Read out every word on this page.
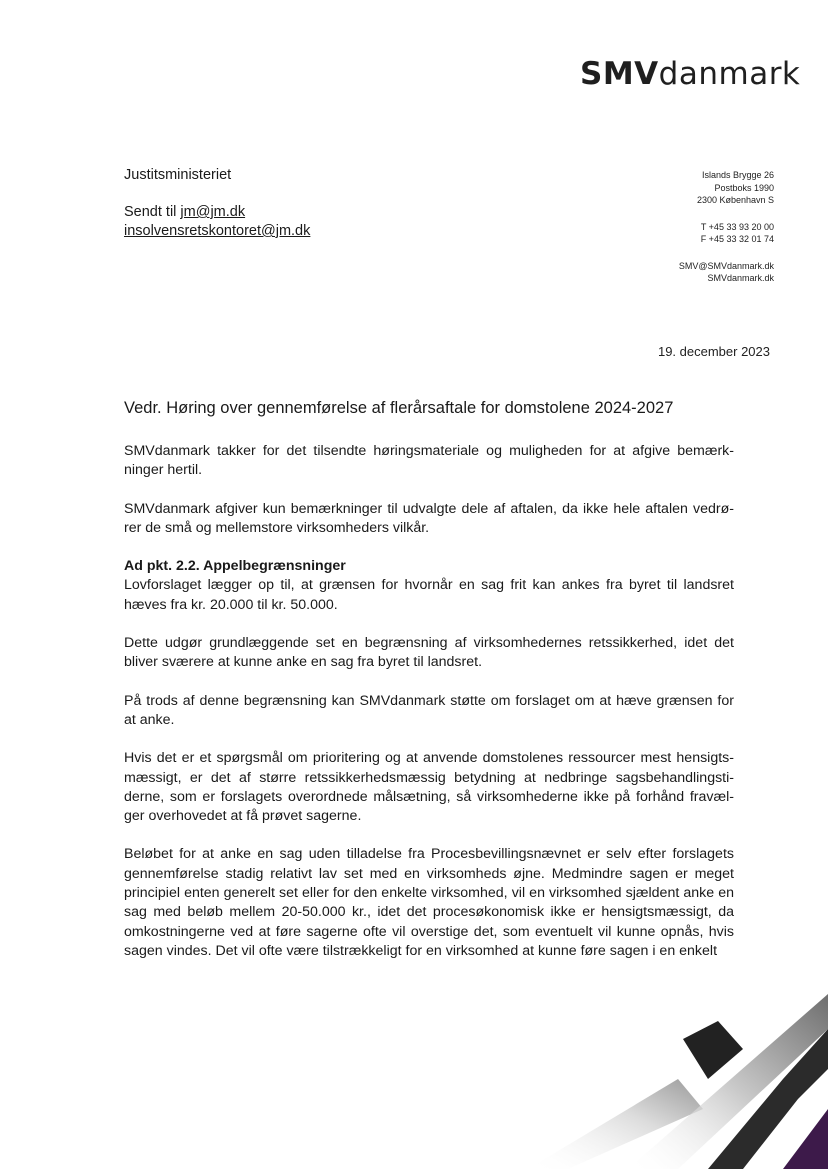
SMVdanmark
Justitsministeriet
Sendt til jm@jm.dk
insolvensretskontoret@jm.dk
Islands Brygge 26
Postboks 1990
2300 København S
T +45 33 93 20 00
F +45 33 32 01 74
SMV@SMVdanmark.dk
SMVdanmark.dk
19. december 2023
Vedr. Høring over gennemførelse af flerårsaftale for domstolene 2024-2027

SMVdanmark takker for det tilsendte høringsmateriale og muligheden for at afgive bemærk-ninger hertil.

SMVdanmark afgiver kun bemærkninger til udvalgte dele af aftalen, da ikke hele aftalen vedrø-rer de små og mellemstore virksomheders vilkår.

Ad pkt. 2.2. Appelbegrænsninger

Lovforslaget lægger op til, at grænsen for hvornår en sag frit kan ankes fra byret til landsret hæves fra kr. 20.000 til kr. 50.000.

Dette udgør grundlæggende set en begrænsning af virksomhedernes retssikkerhed, idet det bliver sværere at kunne anke en sag fra byret til landsret.

På trods af denne begrænsning kan SMVdanmark støtte om forslaget om at hæve grænsen for at anke.

Hvis det er et spørgsmål om prioritering og at anvende domstolenes ressourcer mest hensigts-mæssigt, er det af større retssikkerhedsmæssig betydning at nedbringe sagsbehandlingsti-derne, som er forslagets overordnede målsætning, så virksomhederne ikke på forhånd fravæl-ger overhovedet at få prøvet sagerne.

Beløbet for at anke en sag uden tilladelse fra Procesbevillingsnævnet er selv efter forslagets gennemførelse stadig relativt lav set med en virksomheds øjne. Medmindre sagen er meget principiel enten generelt set eller for den enkelte virksomhed, vil en virksomhed sjældent anke en sag med beløb mellem 20-50.000 kr., idet det procesøkonomisk ikke er hensigtsmæssigt, da omkostningerne ved at føre sagerne ofte vil overstige det, som eventuelt vil kunne opnås, hvis sagen vindes. Det vil ofte være tilstrækkeligt for en virksomhed at kunne føre sagen i en enkelt
